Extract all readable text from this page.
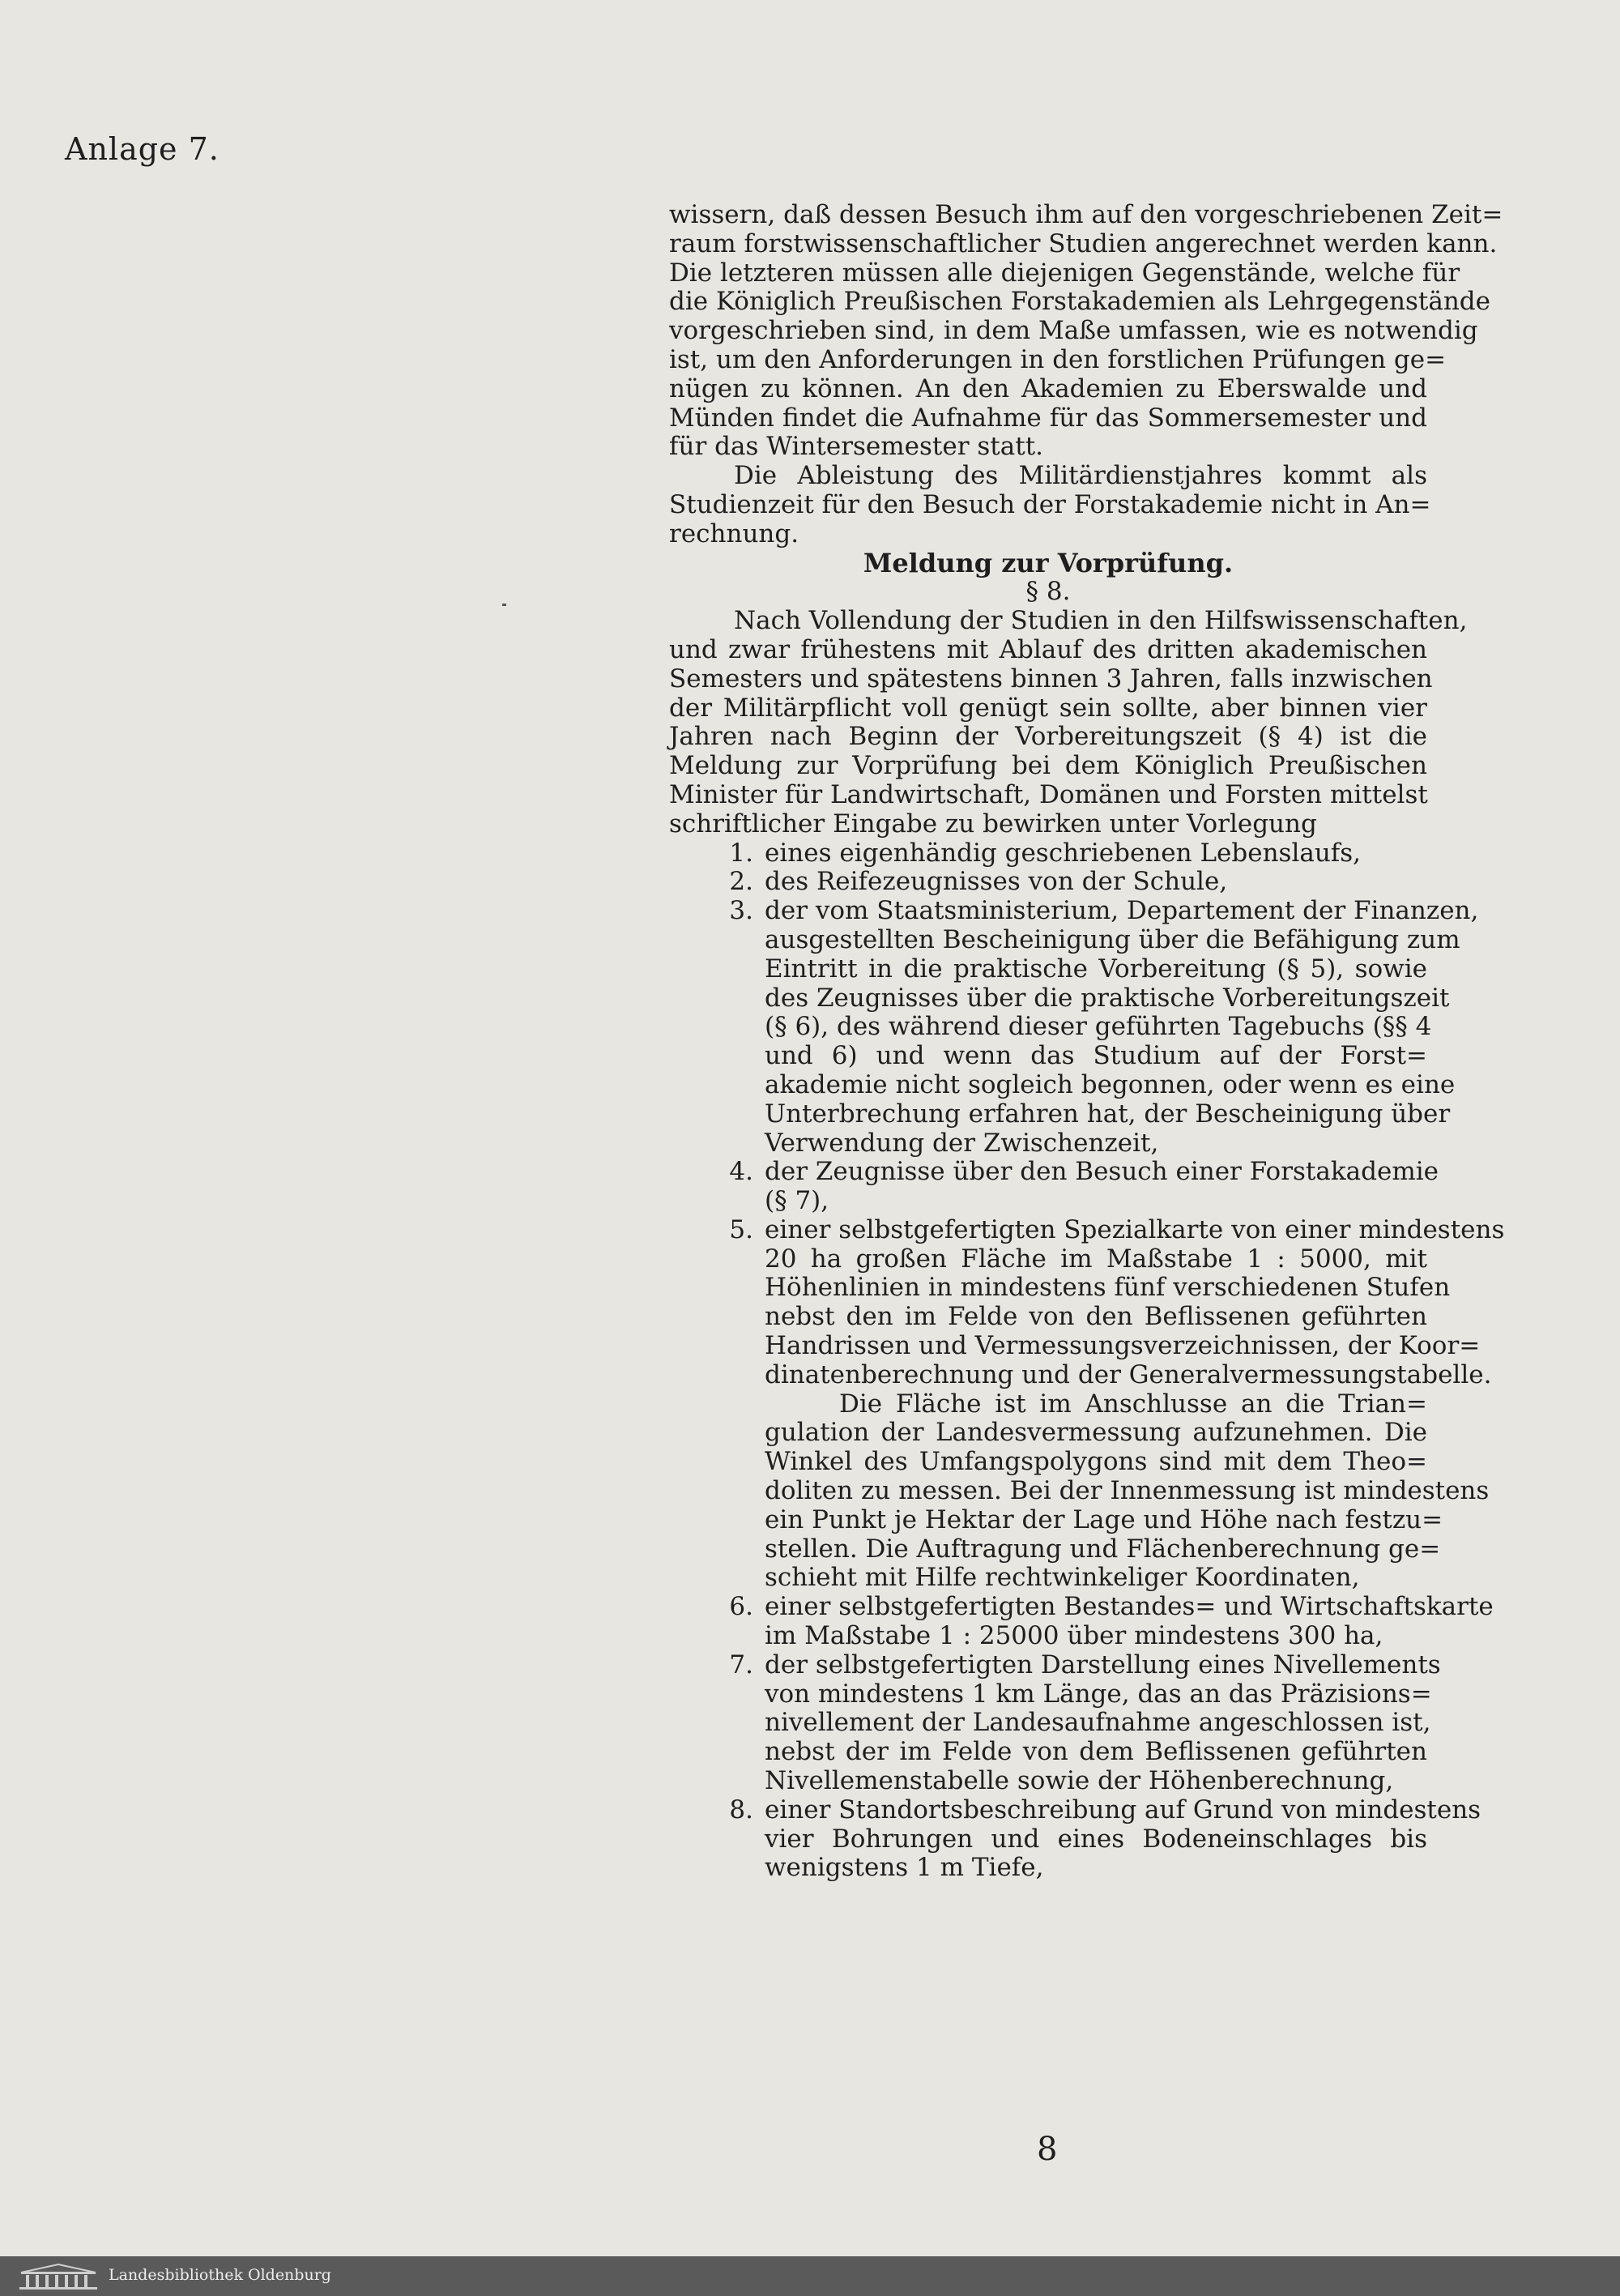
Anlage 7.
wissern, daß dessen Besuch ihm auf den vorgeschriebenen Zeit=
raum forstwissenschaftlicher Studien angerechnet werden kann.
Die letzteren müssen alle diejenigen Gegenstände, welche für
die Königlich Preußischen Forstakademien als Lehrgegenstände
vorgeschrieben sind, in dem Maße umfassen, wie es notwendig
ist, um den Anforderungen in den forstlichen Prüfungen ge=
nügen zu können. An den Akademien zu Eberswalde und
Münden findet die Aufnahme für das Sommersemester und
für das Wintersemester statt.
Die Ableistung des Militärdienstjahres kommt als
Studienzeit für den Besuch der Forstakademie nicht in An=
rechnung.
Meldung zur Vorprüfung.
§ 8.
Nach Vollendung der Studien in den Hilfswissenschaften,
und zwar frühestens mit Ablauf des dritten akademischen
Semesters und spätestens binnen 3 Jahren, falls inzwischen
der Militärpflicht voll genügt sein sollte, aber binnen vier
Jahren nach Beginn der Vorbereitungszeit (§ 4) ist die
Meldung zur Vorprüfung bei dem Königlich Preußischen
Minister für Landwirtschaft, Domänen und Forsten mittelst
schriftlicher Eingabe zu bewirken unter Vorlegung
1. eines eigenhändig geschriebenen Lebenslaufs,
2. des Reifezeugnisses von der Schule,
3. der vom Staatsministerium, Departement der Finanzen,
ausgestellten Bescheinigung über die Befähigung zum
Eintritt in die praktische Vorbereitung (§ 5), sowie
des Zeugnisses über die praktische Vorbereitungszeit
(§ 6), des während dieser geführten Tagebuchs (§§ 4
und 6) und wenn das Studium auf der Forst=
akademie nicht sogleich begonnen, oder wenn es eine
Unterbrechung erfahren hat, der Bescheinigung über
Verwendung der Zwischenzeit,
4. der Zeugnisse über den Besuch einer Forstakademie
(§ 7),
5. einer selbstgefertigten Spezialkarte von einer mindestens
20 ha großen Fläche im Maßstabe 1 : 5000, mit
Höhenlinien in mindestens fünf verschiedenen Stufen
nebst den im Felde von den Beflissenen geführten
Handrissen und Vermessungsverzeichnissen, der Koor=
dinatenberechnung und der Generalvermessungstabelle.
Die Fläche ist im Anschlusse an die Trian=
gulation der Landesvermessung aufzunehmen. Die
Winkel des Umfangspolygons sind mit dem Theo=
doliten zu messen. Bei der Innenmessung ist mindestens
ein Punkt je Hektar der Lage und Höhe nach festzu=
stellen. Die Auftragung und Flächenberechnung ge=
schieht mit Hilfe rechtwinkeliger Koordinaten,
6. einer selbstgefertigten Bestandes= und Wirtschaftskarte
im Maßstabe 1 : 25000 über mindestens 300 ha,
7. der selbstgefertigten Darstellung eines Nivellements
von mindestens 1 km Länge, das an das Präzisions=
nivellement der Landesaufnahme angeschlossen ist,
nebst der im Felde von dem Beflissenen geführten
Nivellemenstabelle sowie der Höhenberechnung,
8. einer Standortsbeschreibung auf Grund von mindestens
vier Bohrungen und eines Bodeneinschlages bis
wenigstens 1 m Tiefe,
8
Landesbibliothek Oldenburg
